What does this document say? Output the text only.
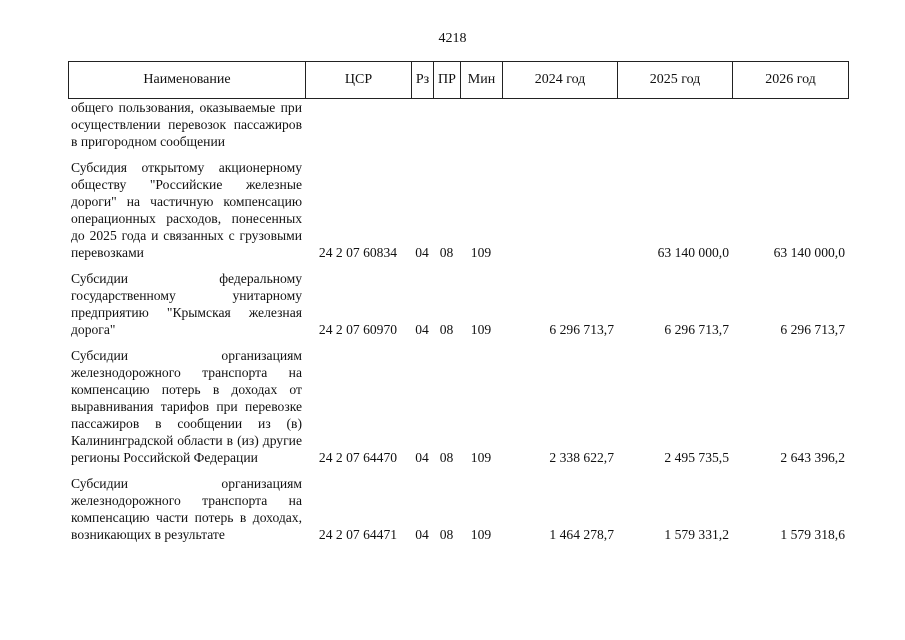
4218
Наименование	ЦСР	Рз	ПР	Мин	2024 год	2025 год	2026 год
общего пользования, оказываемые при осуществлении перевозок пассажиров в пригородном сообщении							

Субсидия открытому акционерному обществу "Российские железные дороги" на частичную компенсацию операционных расходов, понесенных до 2025 года и связанных с грузовыми перевозками	24 2 07 60834	04	08	109		63 140 000,0	63 140 000,0

Субсидии федеральному государственному унитарному предприятию "Крымская железная дорога"	24 2 07 60970	04	08	109	6 296 713,7	6 296 713,7	6 296 713,7

Субсидии организациям железнодорожного транспорта на компенсацию потерь в доходах от выравнивания тарифов при перевозке пассажиров в сообщении из (в) Калининградской области в (из) другие регионы Российской Федерации	24 2 07 64470	04	08	109	2 338 622,7	2 495 735,5	2 643 396,2

Субсидии организациям железнодорожного транспорта на компенсацию части потерь в доходах, возникающих в результате	24 2 07 64471	04	08	109	1 464 278,7	1 579 331,2	1 579 318,6
